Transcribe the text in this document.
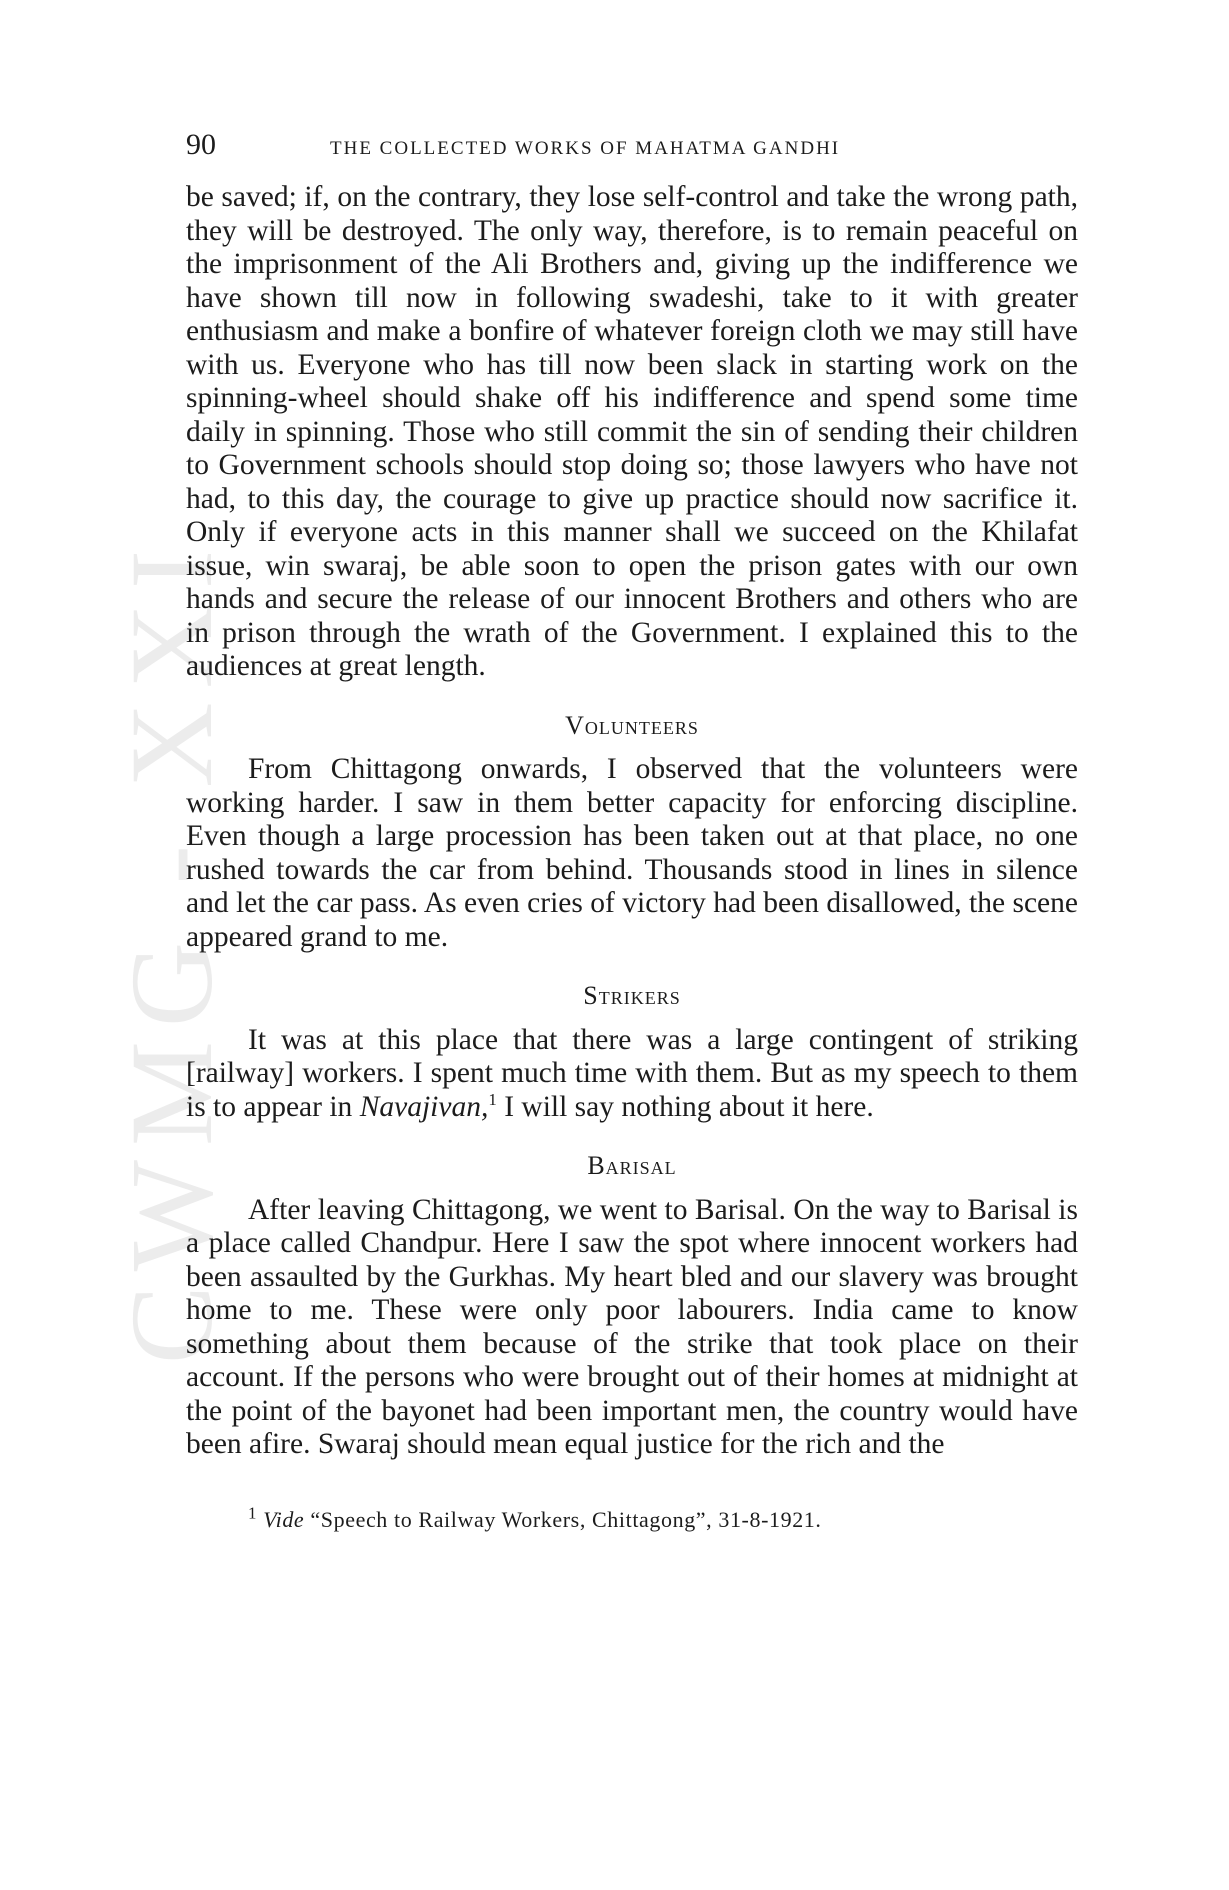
CWMG - XXI
90	THE COLLECTED WORKS OF MAHATMA GANDHI

be saved; if, on the contrary, they lose self-control and take the wrong path, they will be destroyed. The only way, therefore, is to remain peaceful on the imprisonment of the Ali Brothers and, giving up the indifference we have shown till now in following swadeshi, take to it with greater enthusiasm and make a bonfire of whatever foreign cloth we may still have with us. Everyone who has till now been slack in starting work on the spinning-wheel should shake off his indifference and spend some time daily in spinning. Those who still commit the sin of sending their children to Government schools should stop doing so; those lawyers who have not had, to this day, the courage to give up practice should now sacrifice it. Only if everyone acts in this manner shall we succeed on the Khilafat issue, win swaraj, be able soon to open the prison gates with our own hands and secure the release of our innocent Brothers and others who are in prison through the wrath of the Government. I explained this to the audiences at great length.

Volunteers

From Chittagong onwards, I observed that the volunteers were working harder. I saw in them better capacity for enforcing discipline. Even though a large procession has been taken out at that place, no one rushed towards the car from behind. Thousands stood in lines in silence and let the car pass. As even cries of victory had been disallowed, the scene appeared grand to me.

Strikers

It was at this place that there was a large contingent of striking [railway] workers. I spent much time with them. But as my speech to them is to appear in Navajivan,$^1$ I will say nothing about it here.

Barisal

After leaving Chittagong, we went to Barisal. On the way to Barisal is a place called Chandpur. Here I saw the spot where innocent workers had been assaulted by the Gurkhas. My heart bled and our slavery was brought home to me. These were only poor labourers. India came to know something about them because of the strike that took place on their account. If the persons who were brought out of their homes at midnight at the point of the bayonet had been important men, the country would have been afire. Swaraj should mean equal justice for the rich and the

$^1$ Vide “Speech to Railway Workers, Chittagong”, 31-8-1921.
